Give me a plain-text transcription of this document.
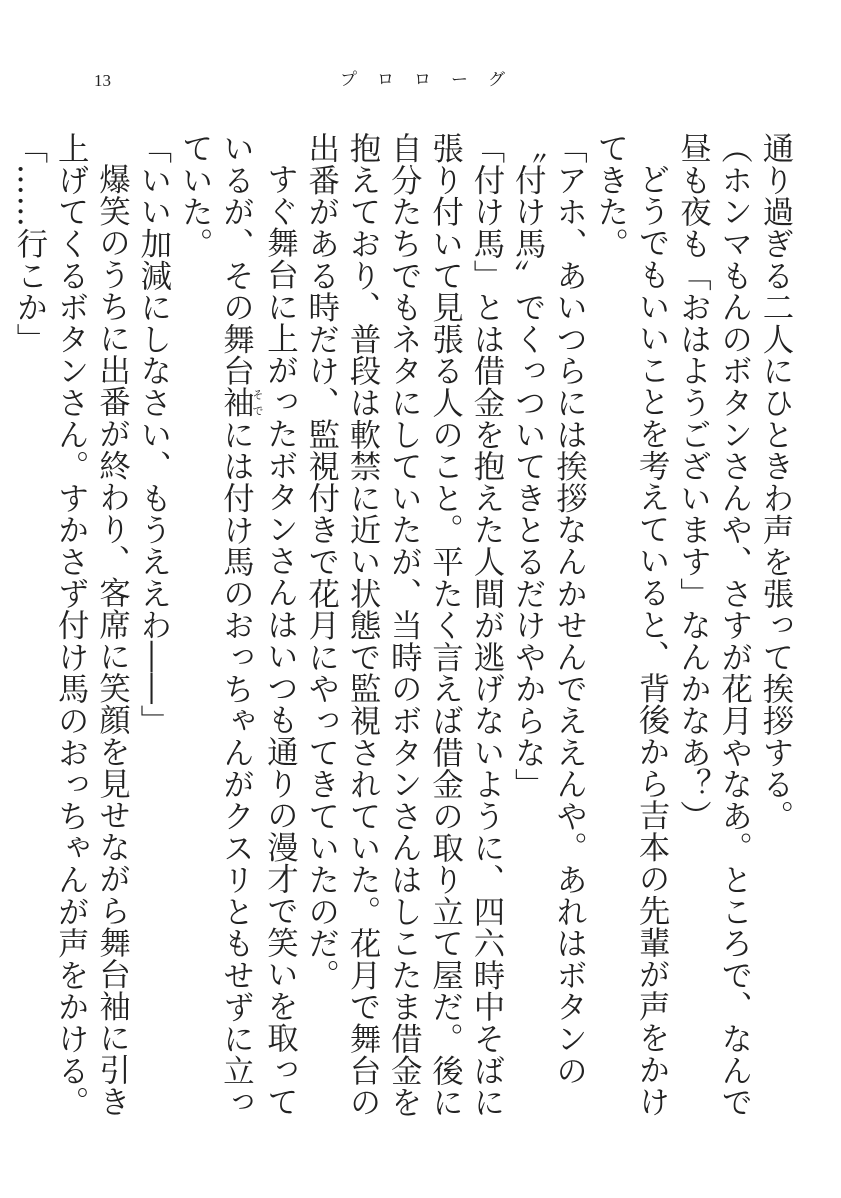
13	プロローグ

通り過ぎる二人にひときわ声を張って挨拶する。

（ホンマもんのボタンさんや、さすが花月やなあ。ところで、なんで昼も夜も「おはようございます」なんかなあ？）

どうでもいいことを考えていると、背後から吉本の先輩が声をかけてきた。

「アホ、あいつらには挨拶なんかせんでええんや。あれはボタンの〝付け馬〟でくっついてきとるだけやからな」

「付け馬」とは借金を抱えた人間が逃げないように、四六時中そばに張り付いて見張る人のこと。平たく言えば借金の取り立て屋だ。後に自分たちでもネタにしていたが、当時のボタンさんはしこたま借金を抱えており、普段は軟禁に近い状態で監視されていた。花月で舞台の出番がある時だけ、監視付きで花月にやってきていたのだ。

すぐ舞台に上がったボタンさんはいつも通りの漫才で笑いを取っているが、その舞台袖そでには付け馬のおっちゃんがクスリともせずに立っていた。

「いい加減にしなさい、もうええわ――」

爆笑のうちに出番が終わり、客席に笑顔を見せながら舞台袖に引き上げてくるボタンさん。すかさず付け馬のおっちゃんが声をかける。

「……行こか」
